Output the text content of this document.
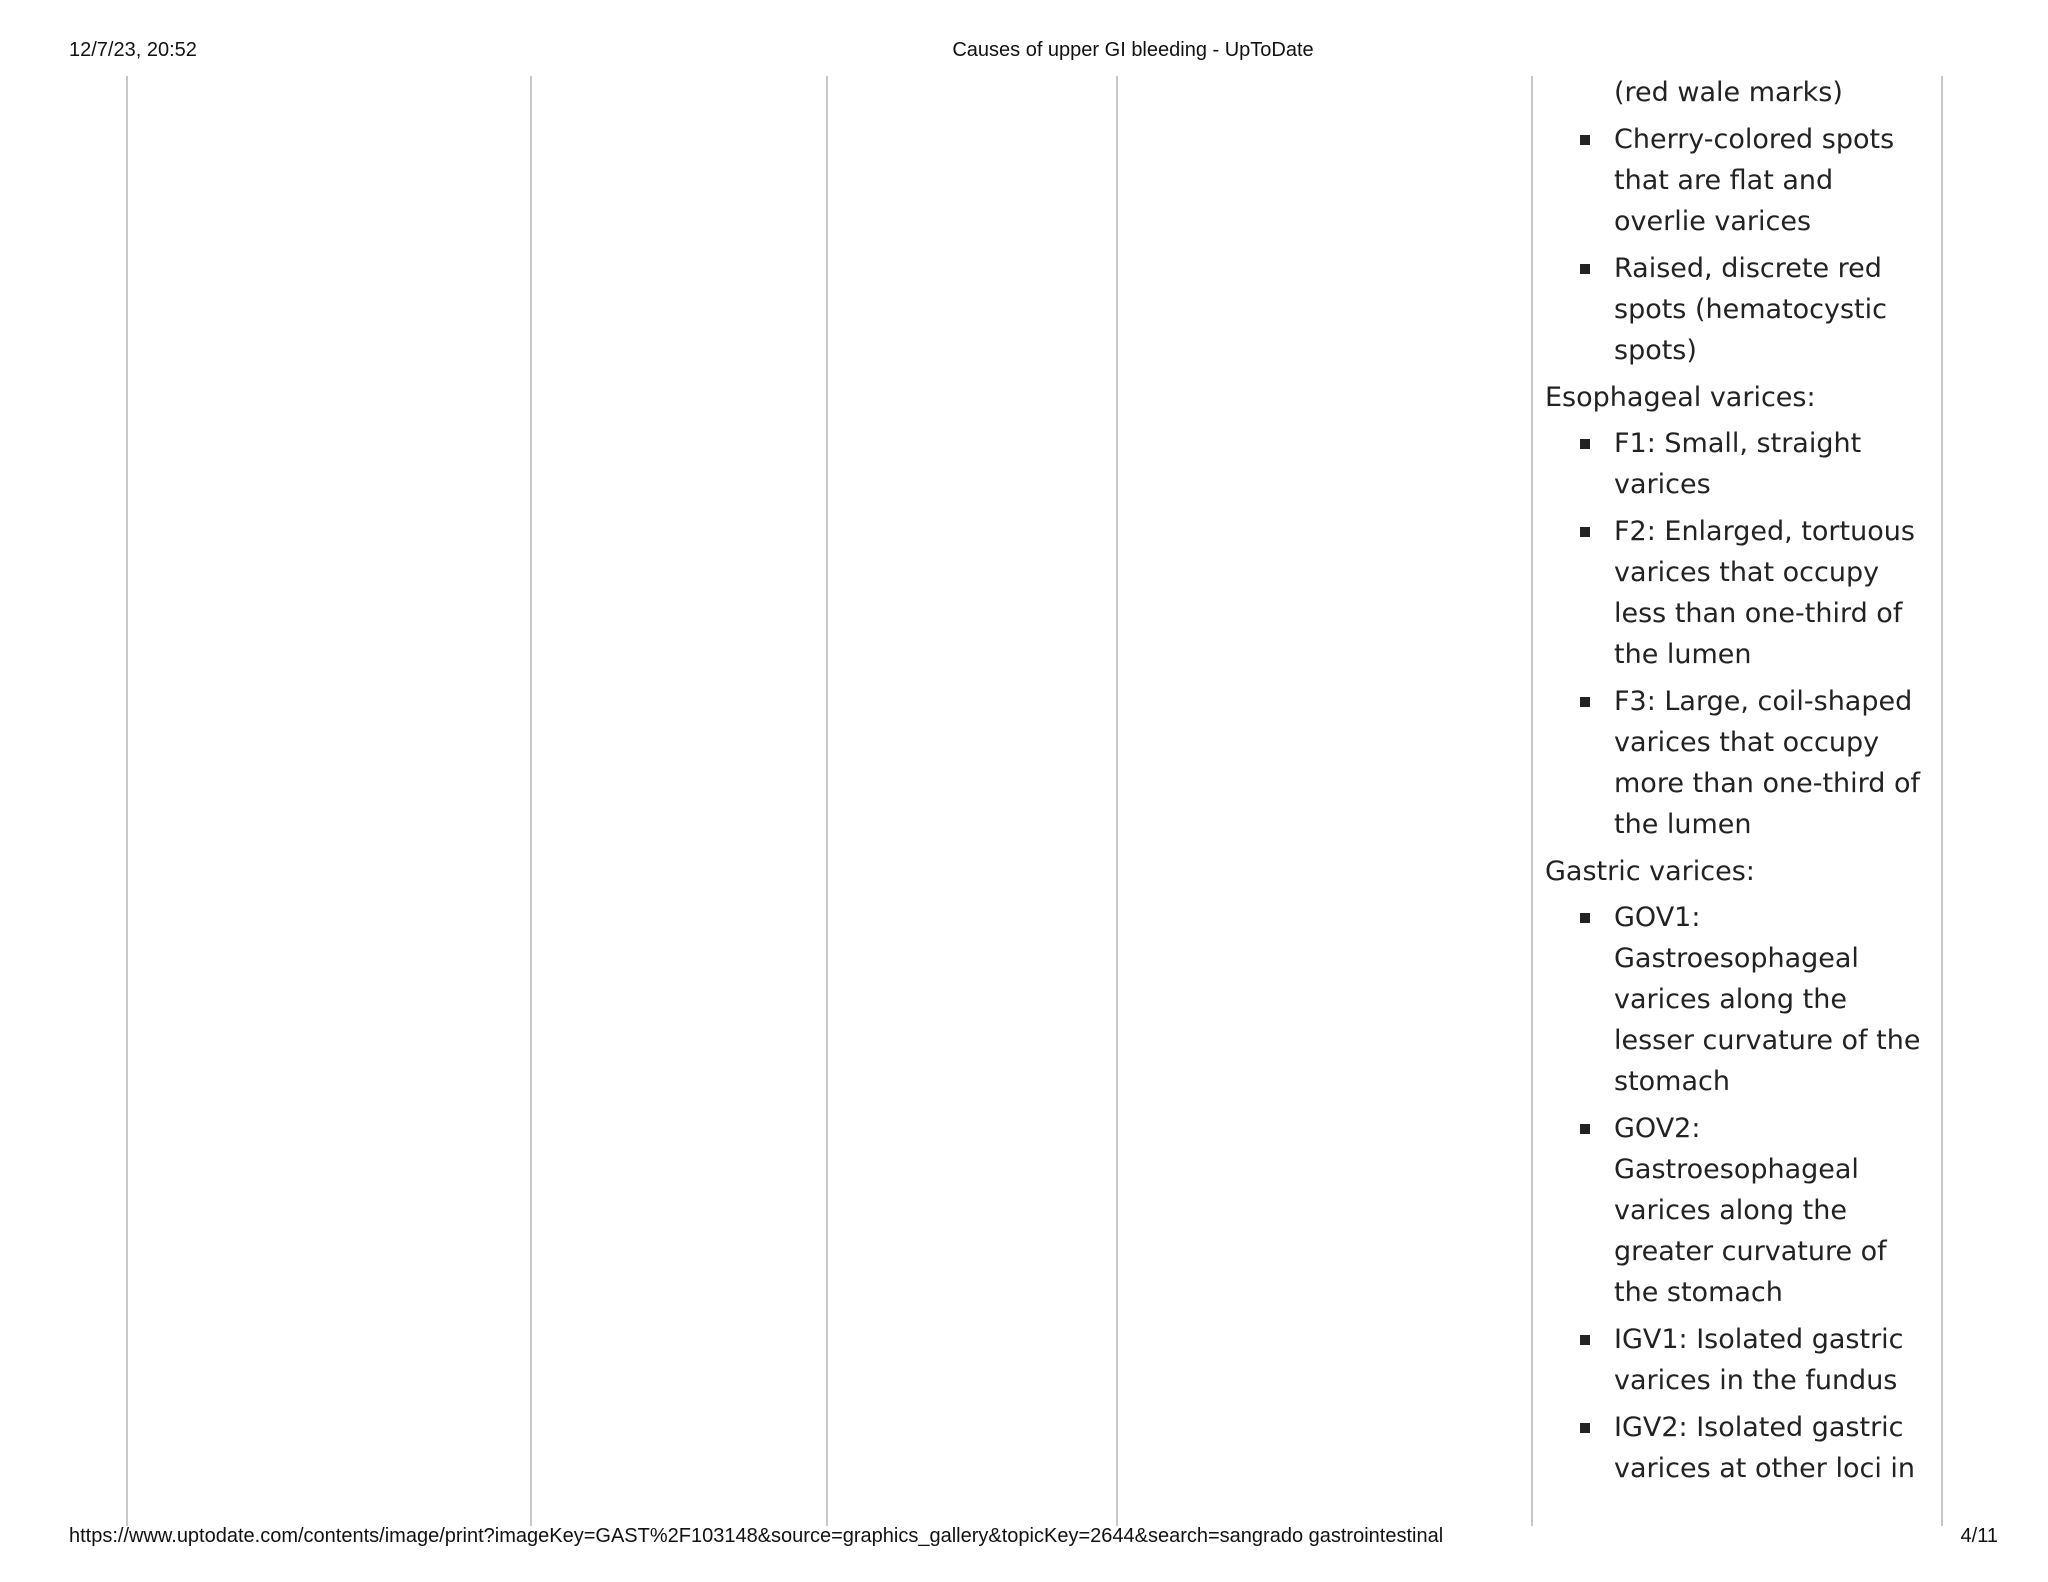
12/7/23, 20:52	Causes of upper GI bleeding - UpToDate
(red wale marks)
Cherry-colored spots that are flat and overlie varices
Raised, discrete red spots (hematocystic spots)
Esophageal varices:
F1: Small, straight varices
F2: Enlarged, tortuous varices that occupy less than one-third of the lumen
F3: Large, coil-shaped varices that occupy more than one-third of the lumen
Gastric varices:
GOV1: Gastroesophageal varices along the lesser curvature of the stomach
GOV2: Gastroesophageal varices along the greater curvature of the stomach
IGV1: Isolated gastric varices in the fundus
IGV2: Isolated gastric varices at other loci in
https://www.uptodate.com/contents/image/print?imageKey=GAST%2F103148&source=graphics_gallery&topicKey=2644&search=sangrado gastrointestinal	4/11
